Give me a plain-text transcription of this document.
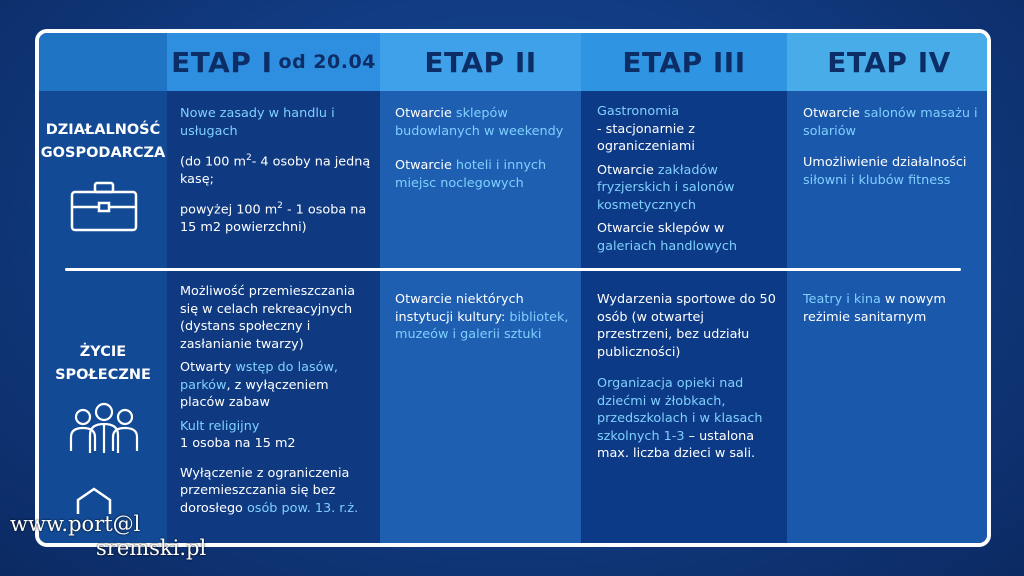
ETAP I od 20.04 ETAP II	ETAP III	ETAP IV
DZIAŁALNOŚĆ
GOSPODARCZA
ŻYCIE
SPOŁECZNE

Nowe zasady w handlu i usługach

(do 100 $m^2-$ 4 osoby na jedną kasę;

powyżej 100 $m^2 - 1$ osoba na 15 m2 powierzchni)

Otwarcie sklepów budowlanych w weekendy

Otwarcie hoteli i innych miejsc noclegowych

Gastronomia
- stacjonarnie z ograniczeniami

Otwarcie zakładów fryzjerskich i salonów kosmetycznych

Otwarcie sklepów w galeriach handlowych

Otwarcie salonów masażu i solariów

Umożliwienie działalności siłowni i klubów fitness

Możliwość przemieszczania się w celach rekreacyjnych (dystans społeczny i zasłanianie twarzy)

Otwarty wstęp do lasów, parków, z wyłączeniem placów zabaw

Kult religijny
1 osoba na 15 m2

Wyłączenie z ograniczenia przemieszczania się bez dorosłego osób pow. 13. r.ż.

Otwarcie niektórych instytucji kultury: bibliotek, muzeów i galerii sztuki

Wydarzenia sportowe do 50 osób (w otwartej przestrzeni, bez udziału publiczności)

Organizacja opieki nad dziećmi w żłobkach, przedszkolach i w klasach szkolnych 1-3 – ustalona max. liczba dzieci w sali.

Teatry i kina w nowym reżimie sanitarnym

www.port@l
sremski.pl
